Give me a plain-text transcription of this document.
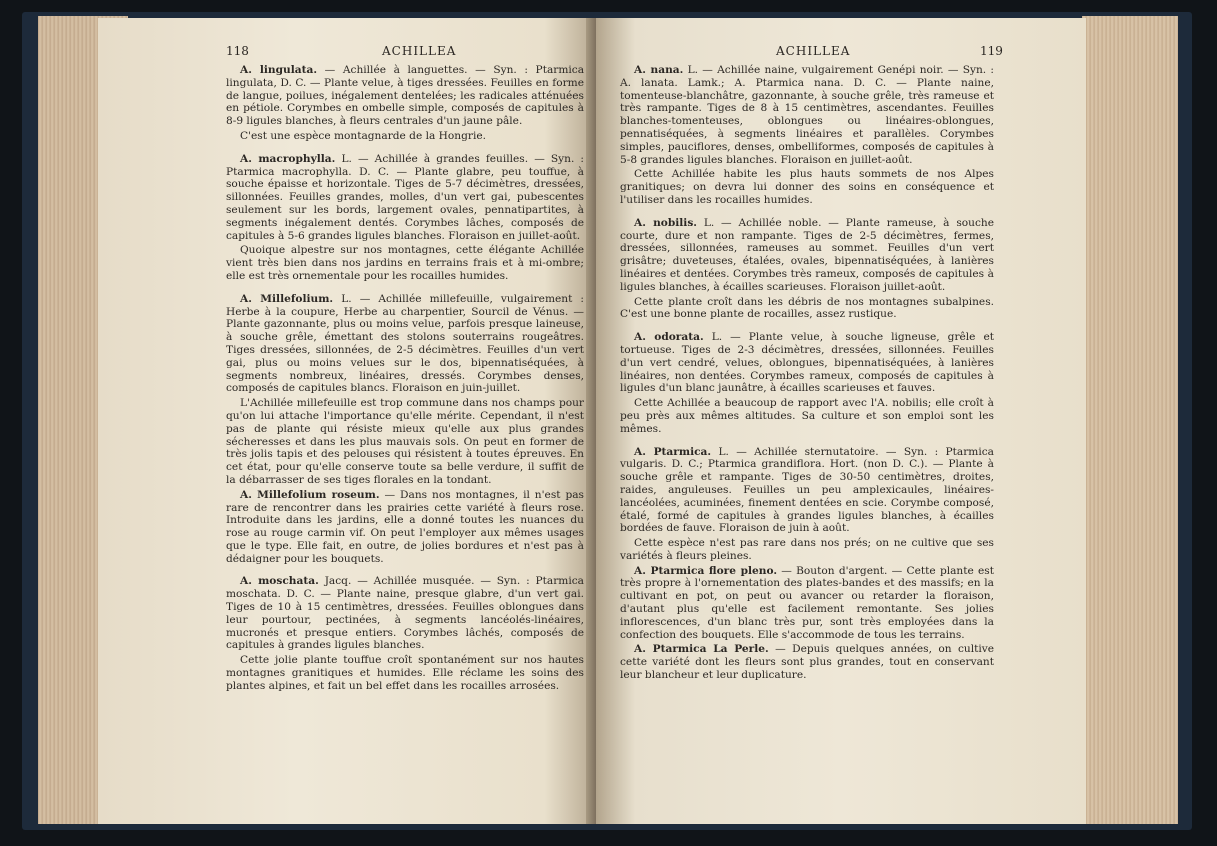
118	ACHILLEA

A. lingulata. — Achillée à languettes. — Syn. : Ptarmica lingulata, D. C. — Plante velue, à tiges dressées. Feuilles en forme de langue, poilues, inégalement dentelées; les radicales atténuées en pétiole. Corymbes en ombelle simple, composés de capitules à 8-9 ligules blanches, à fleurs centrales d'un jaune pâle.

C'est une espèce montagnarde de la Hongrie.

A. macrophylla. L. — Achillée à grandes feuilles. — Syn. : Ptarmica macrophylla. D. C. — Plante glabre, peu touffue, à souche épaisse et horizontale. Tiges de 5-7 décimètres, dressées, sillonnées. Feuilles grandes, molles, d'un vert gai, pubescentes seulement sur les bords, largement ovales, pennatipartites, à segments inégalement dentés. Corymbes lâches, composés de capitules à 5-6 grandes ligules blanches. Floraison en juillet-août.

Quoique alpestre sur nos montagnes, cette élégante Achillée vient très bien dans nos jardins en terrains frais et à mi-ombre; elle est très ornementale pour les rocailles humides.

A. Millefolium. L. — Achillée millefeuille, vulgairement : Herbe à la coupure, Herbe au charpentier, Sourcil de Vénus. — Plante gazonnante, plus ou moins velue, parfois presque laineuse, à souche grêle, émettant des stolons souterrains rougeâtres. Tiges dressées, sillonnées, de 2-5 décimètres. Feuilles d'un vert gai, plus ou moins velues sur le dos, bipennatiséquées, à segments nombreux, linéaires, dressés. Corymbes denses, composés de capitules blancs. Floraison en juin-juillet.

L'Achillée millefeuille est trop commune dans nos champs pour qu'on lui attache l'importance qu'elle mérite. Cependant, il n'est pas de plante qui résiste mieux qu'elle aux plus grandes sécheresses et dans les plus mauvais sols. On peut en former de très jolis tapis et des pelouses qui résistent à toutes épreuves. En cet état, pour qu'elle conserve toute sa belle verdure, il suffit de la débarrasser de ses tiges florales en la tondant.

A. Millefolium roseum. — Dans nos montagnes, il n'est pas rare de rencontrer dans les prairies cette variété à fleurs rose. Introduite dans les jardins, elle a donné toutes les nuances du rose au rouge carmin vif. On peut l'employer aux mêmes usages que le type. Elle fait, en outre, de jolies bordures et n'est pas à dédaigner pour les bouquets.

A. moschata. Jacq. — Achillée musquée. — Syn. : Ptarmica moschata. D. C. — Plante naine, presque glabre, d'un vert gai. Tiges de 10 à 15 centimètres, dressées. Feuilles oblongues dans leur pourtour, pectinées, à segments lancéolés-linéaires, mucronés et presque entiers. Corymbes lâchés, composés de capitules à grandes ligules blanches.

Cette jolie plante touffue croît spontanément sur nos hautes montagnes granitiques et humides. Elle réclame les soins des plantes alpines, et fait un bel effet dans les rocailles arrosées.

ACHILLEA	119

A. nana. L. — Achillée naine, vulgairement Genépi noir. — Syn. : A. lanata. Lamk.; A. Ptarmica nana. D. C. — Plante naine, tomenteuse-blanchâtre, gazonnante, à souche grêle, très rameuse et très rampante. Tiges de 8 à 15 centimètres, ascendantes. Feuilles blanches-tomenteuses, oblongues ou linéaires-oblongues, pennatiséquées, à segments linéaires et parallèles. Corymbes simples, pauciflores, denses, ombelliformes, composés de capitules à 5-8 grandes ligules blanches. Floraison en juillet-août.

Cette Achillée habite les plus hauts sommets de nos Alpes granitiques; on devra lui donner des soins en conséquence et l'utiliser dans les rocailles humides.

A. nobilis. L. — Achillée noble. — Plante rameuse, à souche courte, dure et non rampante. Tiges de 2-5 décimètres, fermes, dressées, sillonnées, rameuses au sommet. Feuilles d'un vert grisâtre; duveteuses, étalées, ovales, bipennatiséquées, à lanières linéaires et dentées. Corymbes très rameux, composés de capitules à ligules blanches, à écailles scarieuses. Floraison juillet-août.

Cette plante croît dans les débris de nos montagnes subalpines. C'est une bonne plante de rocailles, assez rustique.

A. odorata. L. — Plante velue, à souche ligneuse, grêle et tortueuse. Tiges de 2-3 décimètres, dressées, sillonnées. Feuilles d'un vert cendré, velues, oblongues, bipennatiséquées, à lanières linéaires, non dentées. Corymbes rameux, composés de capitules à ligules d'un blanc jaunâtre, à écailles scarieuses et fauves.

Cette Achillée a beaucoup de rapport avec l'A. nobilis; elle croît à peu près aux mêmes altitudes. Sa culture et son emploi sont les mêmes.

A. Ptarmica. L. — Achillée sternutatoire. — Syn. : Ptarmica vulgaris. D. C.; Ptarmica grandiflora. Hort. (non D. C.). — Plante à souche grêle et rampante. Tiges de 30-50 centimètres, droites, raides, anguleuses. Feuilles un peu amplexicaules, linéaires-lancéolées, acuminées, finement dentées en scie. Corymbe composé, étalé, formé de capitules à grandes ligules blanches, à écailles bordées de fauve. Floraison de juin à août.

Cette espèce n'est pas rare dans nos prés; on ne cultive que ses variétés à fleurs pleines.

A. Ptarmica flore pleno. — Bouton d'argent. — Cette plante est très propre à l'ornementation des plates-bandes et des massifs; en la cultivant en pot, on peut ou avancer ou retarder la floraison, d'autant plus qu'elle est facilement remontante. Ses jolies inflorescences, d'un blanc très pur, sont très employées dans la confection des bouquets. Elle s'accommode de tous les terrains.

A. Ptarmica La Perle. — Depuis quelques années, on cultive cette variété dont les fleurs sont plus grandes, tout en conservant leur blancheur et leur duplicature.
